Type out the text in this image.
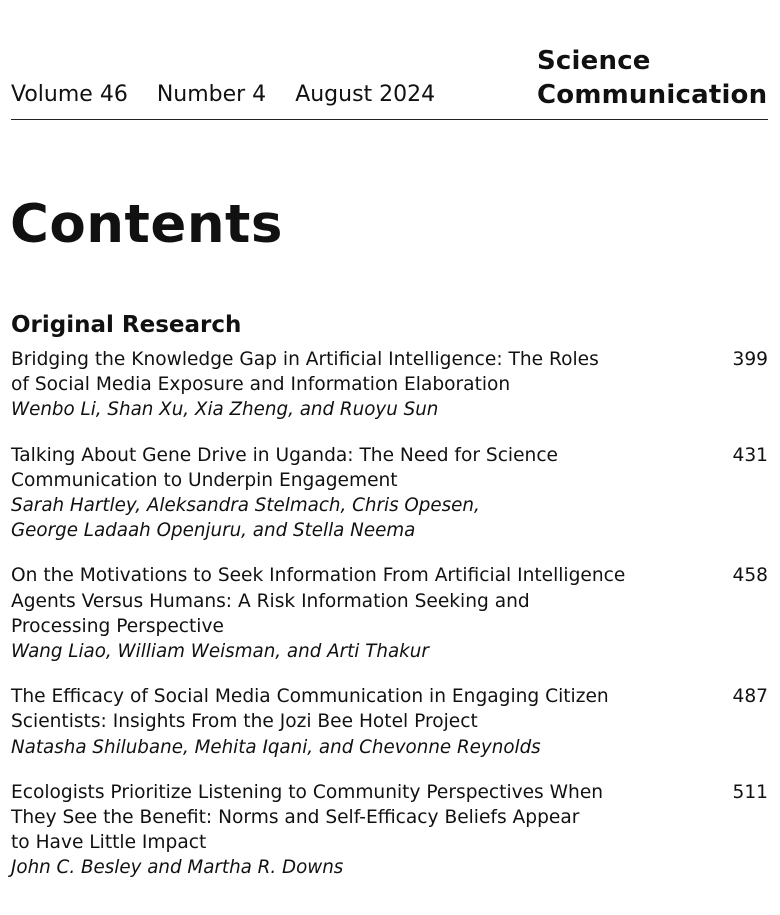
Science
Communication
Volume 46 Number 4 August 2024
Contents
Original Research
Bridging the Knowledge Gap in Artificial Intelligence: The Roles
of Social Media Exposure and Information Elaboration
Wenbo Li, Shan Xu, Xia Zheng, and Ruoyu Sun
399
Talking About Gene Drive in Uganda: The Need for Science
Communication to Underpin Engagement
Sarah Hartley, Aleksandra Stelmach, Chris Opesen,
George Ladaah Openjuru, and Stella Neema
431
On the Motivations to Seek Information From Artificial Intelligence
Agents Versus Humans: A Risk Information Seeking and
Processing Perspective
Wang Liao, William Weisman, and Arti Thakur
458
The Efficacy of Social Media Communication in Engaging Citizen
Scientists: Insights From the Jozi Bee Hotel Project
Natasha Shilubane, Mehita Iqani, and Chevonne Reynolds
487
Ecologists Prioritize Listening to Community Perspectives When
They See the Benefit: Norms and Self-Efficacy Beliefs Appear
to Have Little Impact
John C. Besley and Martha R. Downs
511
